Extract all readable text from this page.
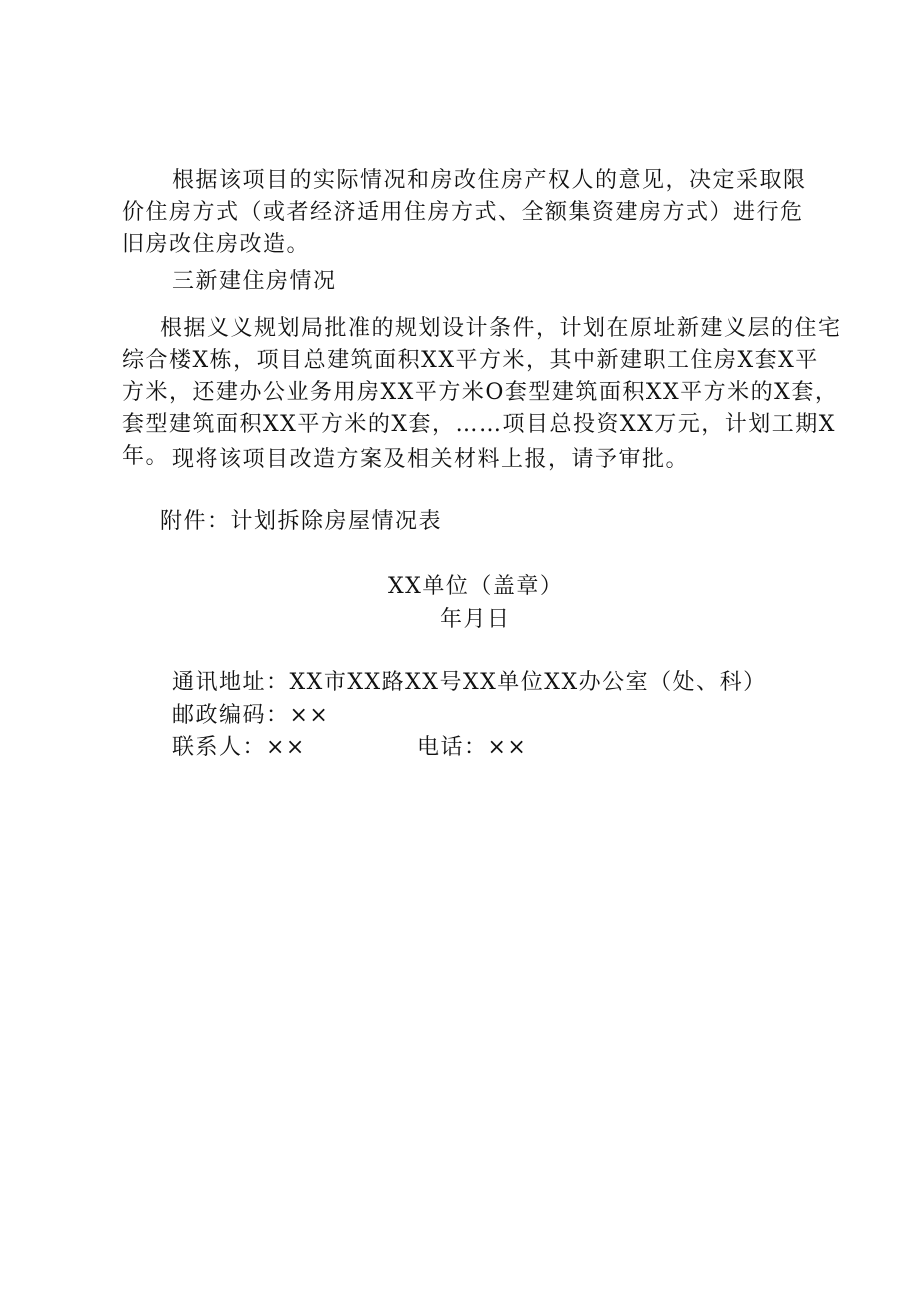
根据该项目的实际情况和房改住房产权人的意见，决定采取限价住房方式（或者经济适用住房方式、全额集资建房方式）进行危旧房改住房改造。
三新建住房情况
根据义义规划局批准的规划设计条件，计划在原址新建义层的住宅综合楼X栋，项目总建筑面积XX平方米，其中新建职工住房X套X平方米，还建办公业务用房XX平方米O套型建筑面积XX平方米的X套，套型建筑面积XX平方米的X套，……项目总投资XX万元，计划工期X年。 现将该项目改造方案及相关材料上报，请予审批。
附件：计划拆除房屋情况表
XX单位（盖章）
年月日
通讯地址：XX市XX路XX号XX单位XX办公室（处、科）
邮政编码：××
联系人：××	电话：××
